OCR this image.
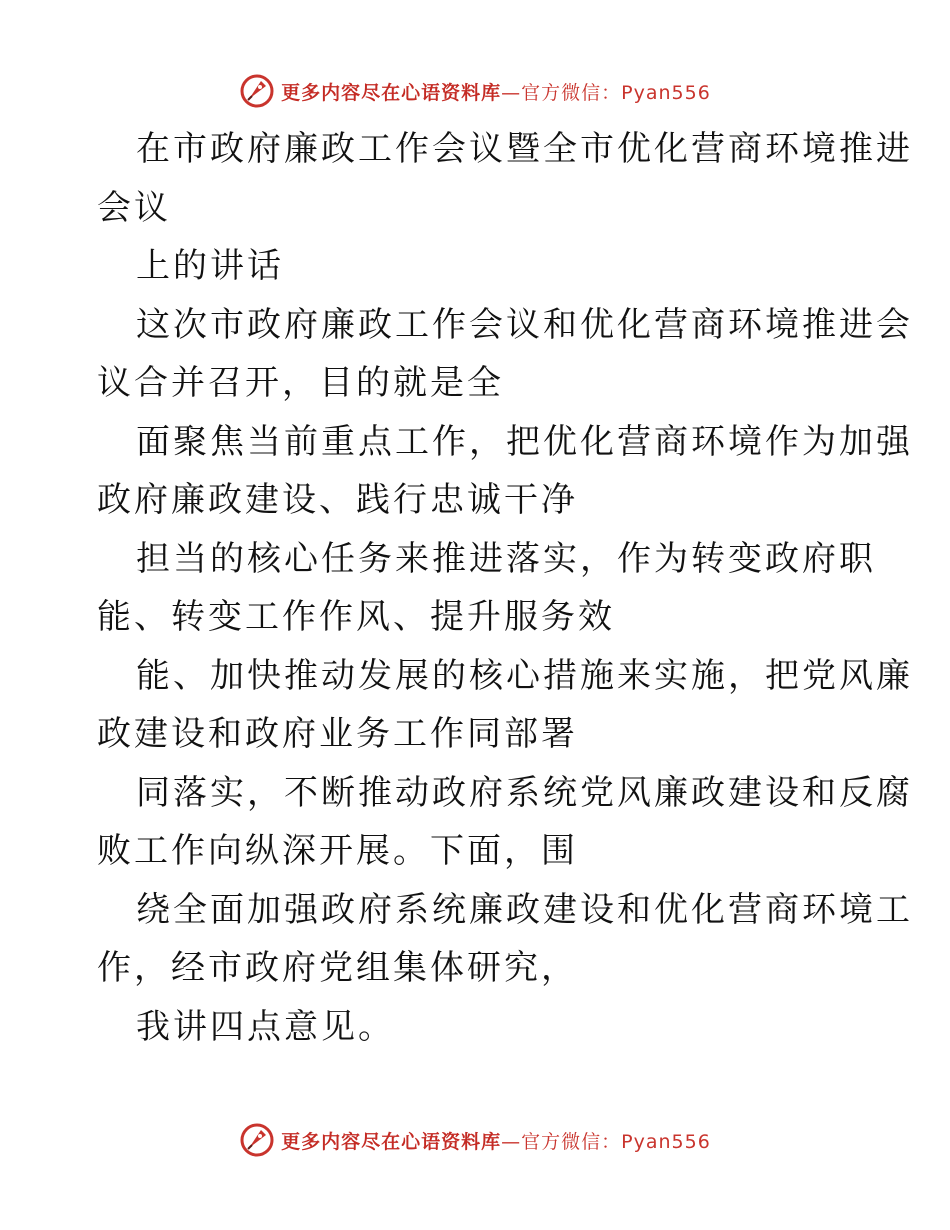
更多内容尽在心语资料库—官方微信：Pyan556
在市政府廉政工作会议暨全市优化营商环境推进
会议
上的讲话
这次市政府廉政工作会议和优化营商环境推进会
议合并召开，目的就是全
面聚焦当前重点工作，把优化营商环境作为加强
政府廉政建设、践行忠诚干净
担当的核心任务来推进落实，作为转变政府职
能、转变工作作风、提升服务效
能、加快推动发展的核心措施来实施，把党风廉
政建设和政府业务工作同部署
同落实，不断推动政府系统党风廉政建设和反腐
败工作向纵深开展。下面，围
绕全面加强政府系统廉政建设和优化营商环境工
作，经市政府党组集体研究，
我讲四点意见。
更多内容尽在心语资料库—官方微信：Pyan556
